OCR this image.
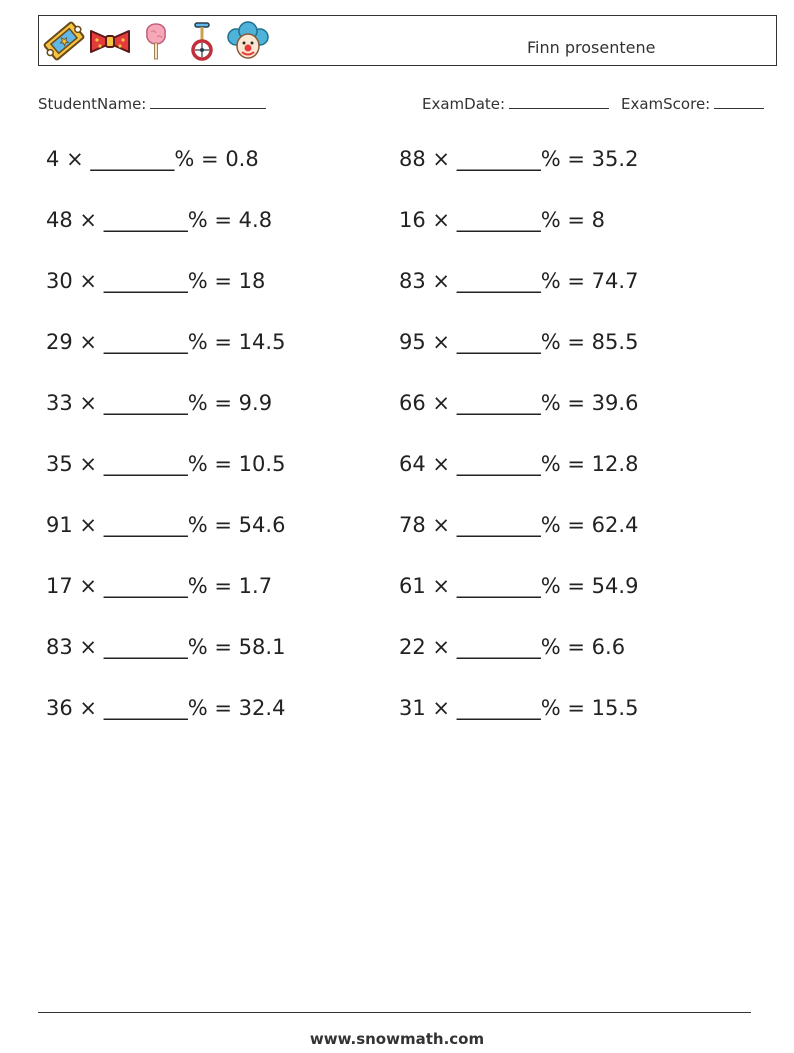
Finn prosentene
StudentName:	ExamDate:	ExamScore:
4 × ________% = 0.8
48 × ________% = 4.8
30 × ________% = 18
29 × ________% = 14.5
33 × ________% = 9.9
35 × ________% = 10.5
91 × ________% = 54.6
17 × ________% = 1.7
83 × ________% = 58.1
36 × ________% = 32.4
88 × ________% = 35.2
16 × ________% = 8
83 × ________% = 74.7
95 × ________% = 85.5
66 × ________% = 39.6
64 × ________% = 12.8
78 × ________% = 62.4
61 × ________% = 54.9
22 × ________% = 6.6
31 × ________% = 15.5
www.snowmath.com
